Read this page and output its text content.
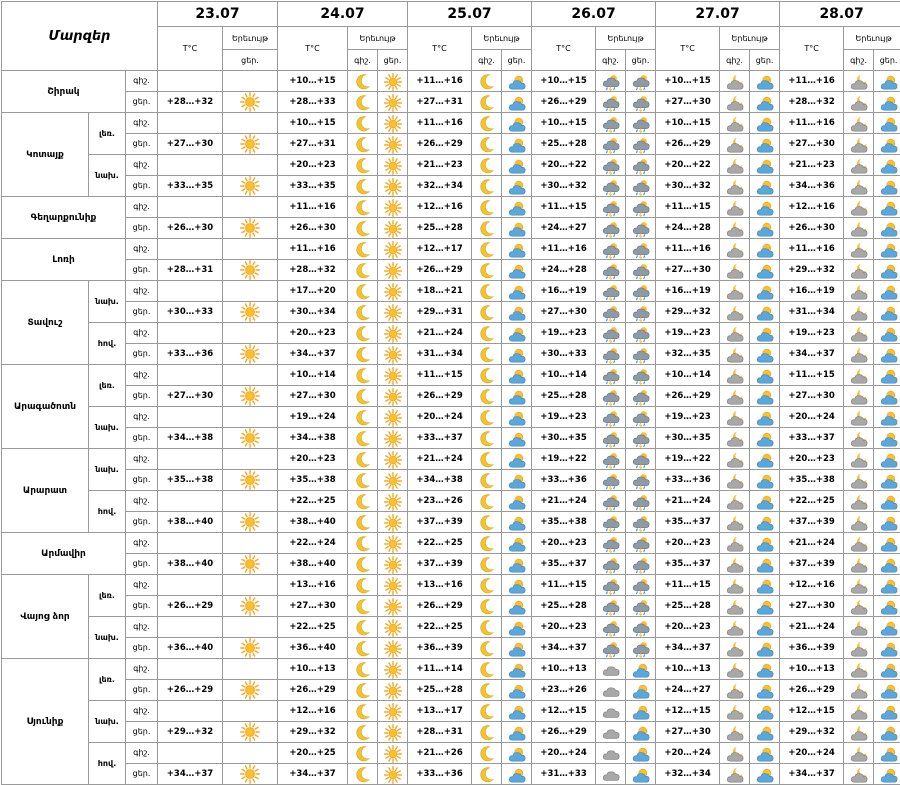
Մարզեր			23.07		24.07			25.07			26.07			27.07			28.07		
			T°C	Երեւույթ	T°C	Երեւույթ		T°C	Երեւույթ		T°C	Երեւույթ		T°C	Երեւույթ		T°C	Երեւույթ	
				ցեր.		գիշ.	ցեր.		գիշ.	ցեր.		գիշ.	ցեր.		գիշ.	ցեր.		գիշ.	ցեր.
Շիրակ		գիշ.			+10…+15			+11…+16			+10…+15			+10…+15			+11…+16	

		ցեր.	+28…+32		+28…+33			+27…+31			+26…+29			+27…+30			+28…+32	

Կոտայք	լեռ.	գիշ.			+10…+15			+11…+16			+10…+15			+10…+15			+11…+16	

		ցեր.	+27…+30		+27…+31			+26…+29			+25…+28			+26…+29			+27…+30	

	նախ.	գիշ.			+20…+23			+21…+23			+20…+22			+20…+22			+21…+23	

		ցեր.	+33…+35		+33…+35			+32…+34			+30…+32			+30…+32			+34…+36	

Գեղարքունիք		գիշ.			+11…+16			+12…+16			+11…+15			+11…+15			+12…+16	

		ցեր.	+26…+30		+26…+30			+25…+28			+24…+27			+24…+28			+26…+30	

Լոռի		գիշ.			+11…+16			+12…+17			+11…+16			+11…+16			+11…+16	

		ցեր.	+28…+31		+28…+32			+26…+29			+24…+28			+27…+30			+29…+32	

Տավուշ	նախ.	գիշ.			+17…+20			+18…+21			+16…+19			+16…+19			+16…+19	

		ցեր.	+30…+33		+30…+34			+29…+31			+27…+30			+29…+32			+31…+34	

	հով.	գիշ.			+20…+23			+21…+24			+19…+23			+19…+23			+19…+23	

		ցեր.	+33…+36		+34…+37			+31…+34			+30…+33			+32…+35			+34…+37	

Արագածոտն	լեռ.	գիշ.			+10…+14			+11…+15			+10…+14			+10…+14			+11…+15	

		ցեր.	+27…+30		+27…+30			+26…+29			+25…+28			+26…+29			+27…+30	

	նախ.	գիշ.			+19…+24			+20…+24			+19…+23			+19…+23			+20…+24	

		ցեր.	+34…+38		+34…+38			+33…+37			+30…+35			+30…+35			+33…+37	

Արարատ	նախ.	գիշ.			+20…+23			+21…+24			+19…+22			+19…+22			+20…+23	

		ցեր.	+35…+38		+35…+38			+34…+38			+33…+36			+33…+36			+35…+38	

	հով.	գիշ.			+22…+25			+23…+26			+21…+24			+21…+24			+22…+25	

		ցեր.	+38…+40		+38…+40			+37…+39			+35…+38			+35…+37			+37…+39	

Արմավիր		գիշ.			+22…+24			+22…+25			+20…+23			+20…+23			+21…+24	

		ցեր.	+38…+40		+38…+40			+37…+39			+35…+37			+35…+37			+37…+39	

Վայոց ձոր	լեռ.	գիշ.			+13…+16			+13…+16			+11…+15			+11…+15			+12…+16	

		ցեր.	+26…+29		+27…+30			+26…+29			+25…+28			+25…+28			+27…+30	

	նախ.	գիշ.			+22…+25			+22…+25			+20…+23			+20…+23			+21…+24	

		ցեր.	+36…+40		+36…+40			+36…+39			+34…+37			+34…+37			+36…+39	

Սյունիք	լեռ.	գիշ.			+10…+13			+11…+14			+10…+13			+10…+13			+10…+13	

		ցեր.	+26…+29		+26…+29			+25…+28			+23…+26			+24…+27			+26…+29	

	նախ.	գիշ.			+12…+16			+13…+17			+12…+15			+12…+15			+12…+15	

		ցեր.	+29…+32		+29…+32			+28…+31			+26…+29			+27…+30			+29…+32	

	հով.	գիշ.			+20…+25			+21…+26			+20…+24			+20…+24			+20…+24	

		ցեր.	+34…+37		+34…+37			+33…+36			+31…+33			+32…+34			+34…+37	
